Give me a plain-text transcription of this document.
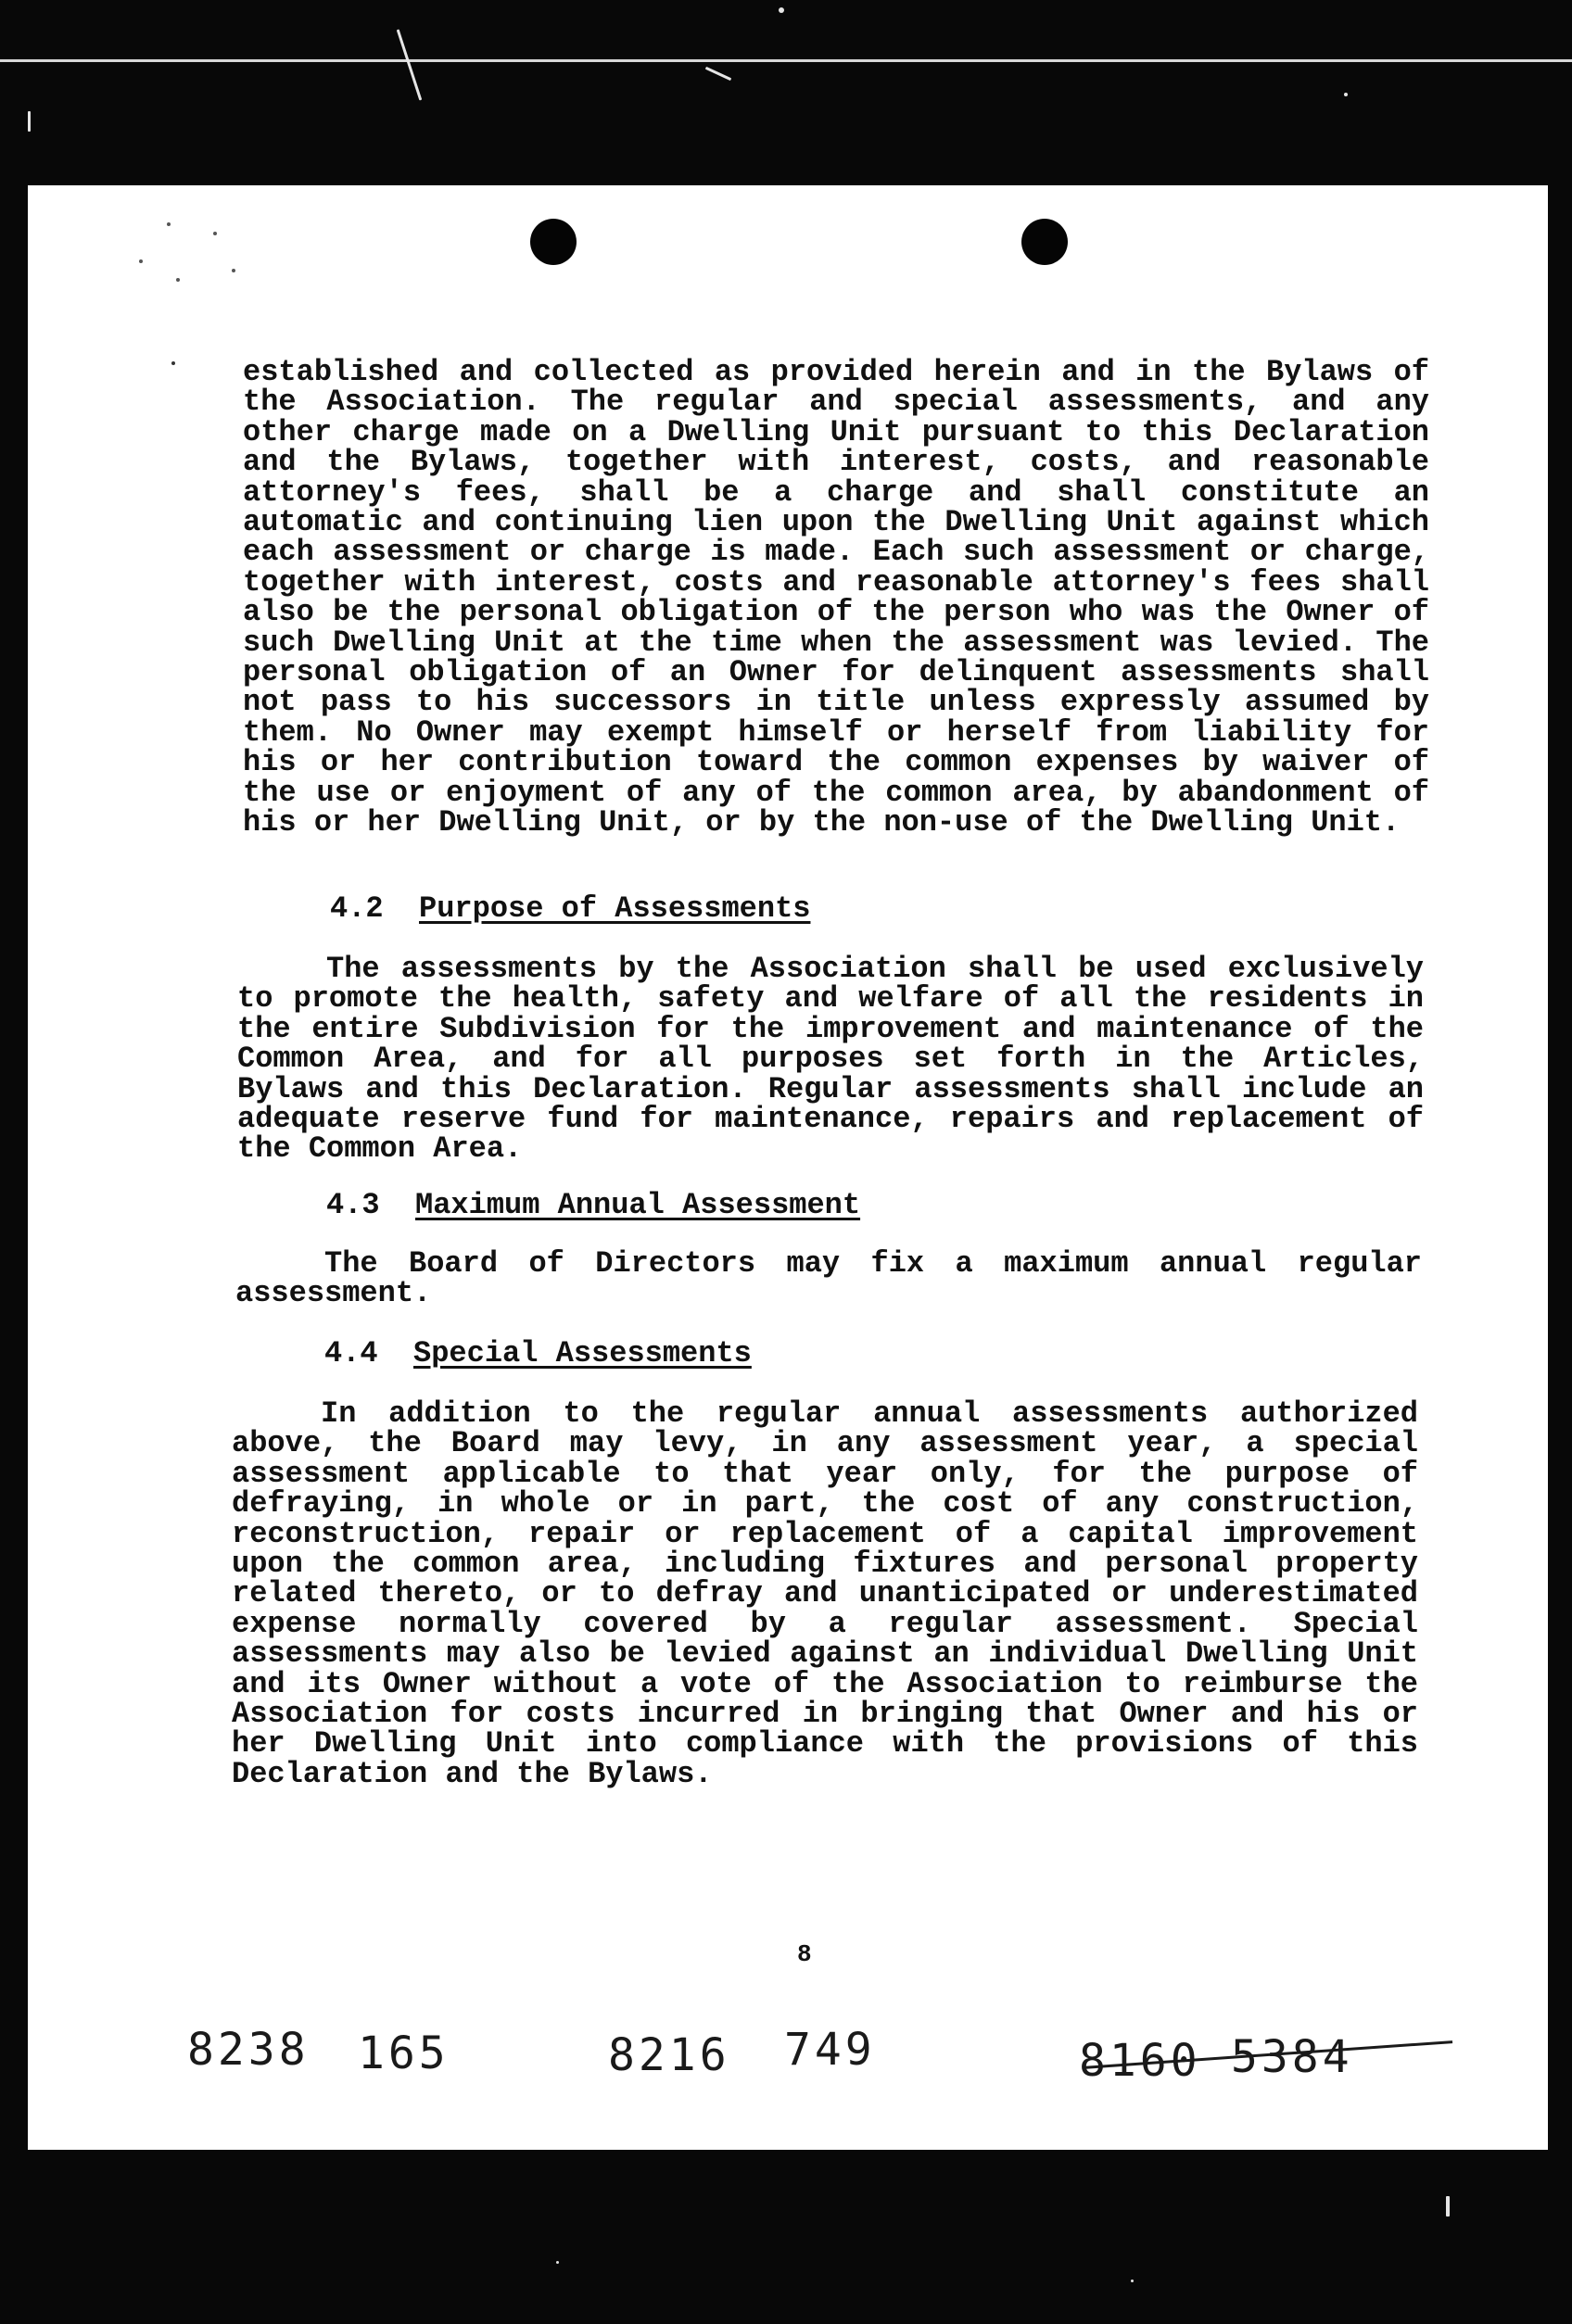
established and collected as provided herein and in the Bylaws of the Association. The regular and special assessments, and any other charge made on a Dwelling Unit pursuant to this Declaration and the Bylaws, together with interest, costs, and reasonable attorney's fees, shall be a charge and shall constitute an automatic and continuing lien upon the Dwelling Unit against which each assessment or charge is made. Each such assessment or charge, together with interest, costs and reasonable attorney's fees shall also be the personal obligation of the person who was the Owner of such Dwelling Unit at the time when the assessment was levied. The personal obligation of an Owner for delinquent assessments shall not pass to his successors in title unless expressly assumed by them. No Owner may exempt himself or herself from liability for his or her contribution toward the common expenses by waiver of the use or enjoyment of any of the common area, by abandonment of his or her Dwelling Unit, or by the non-use of the Dwelling Unit.

4.2 Purpose of Assessments

The assessments by the Association shall be used exclusively to promote the health, safety and welfare of all the residents in the entire Subdivision for the improvement and maintenance of the Common Area, and for all purposes set forth in the Articles, Bylaws and this Declaration. Regular assessments shall include an adequate reserve fund for maintenance, repairs and replacement of the Common Area.

4.3 Maximum Annual Assessment

The Board of Directors may fix a maximum annual regular assessment.

4.4 Special Assessments

In addition to the regular annual assessments authorized above, the Board may levy, in any assessment year, a special assessment applicable to that year only, for the purpose of defraying, in whole or in part, the cost of any construction, reconstruction, repair or replacement of a capital improvement upon the common area, including fixtures and personal property related thereto, or to defray and unanticipated or underestimated expense normally covered by a regular assessment. Special assessments may also be levied against an individual Dwelling Unit and its Owner without a vote of the Association to reimburse the Association for costs incurred in bringing that Owner and his or her Dwelling Unit into compliance with the provisions of this Declaration and the Bylaws.

8
8238 165	8216 749	8160 5384
